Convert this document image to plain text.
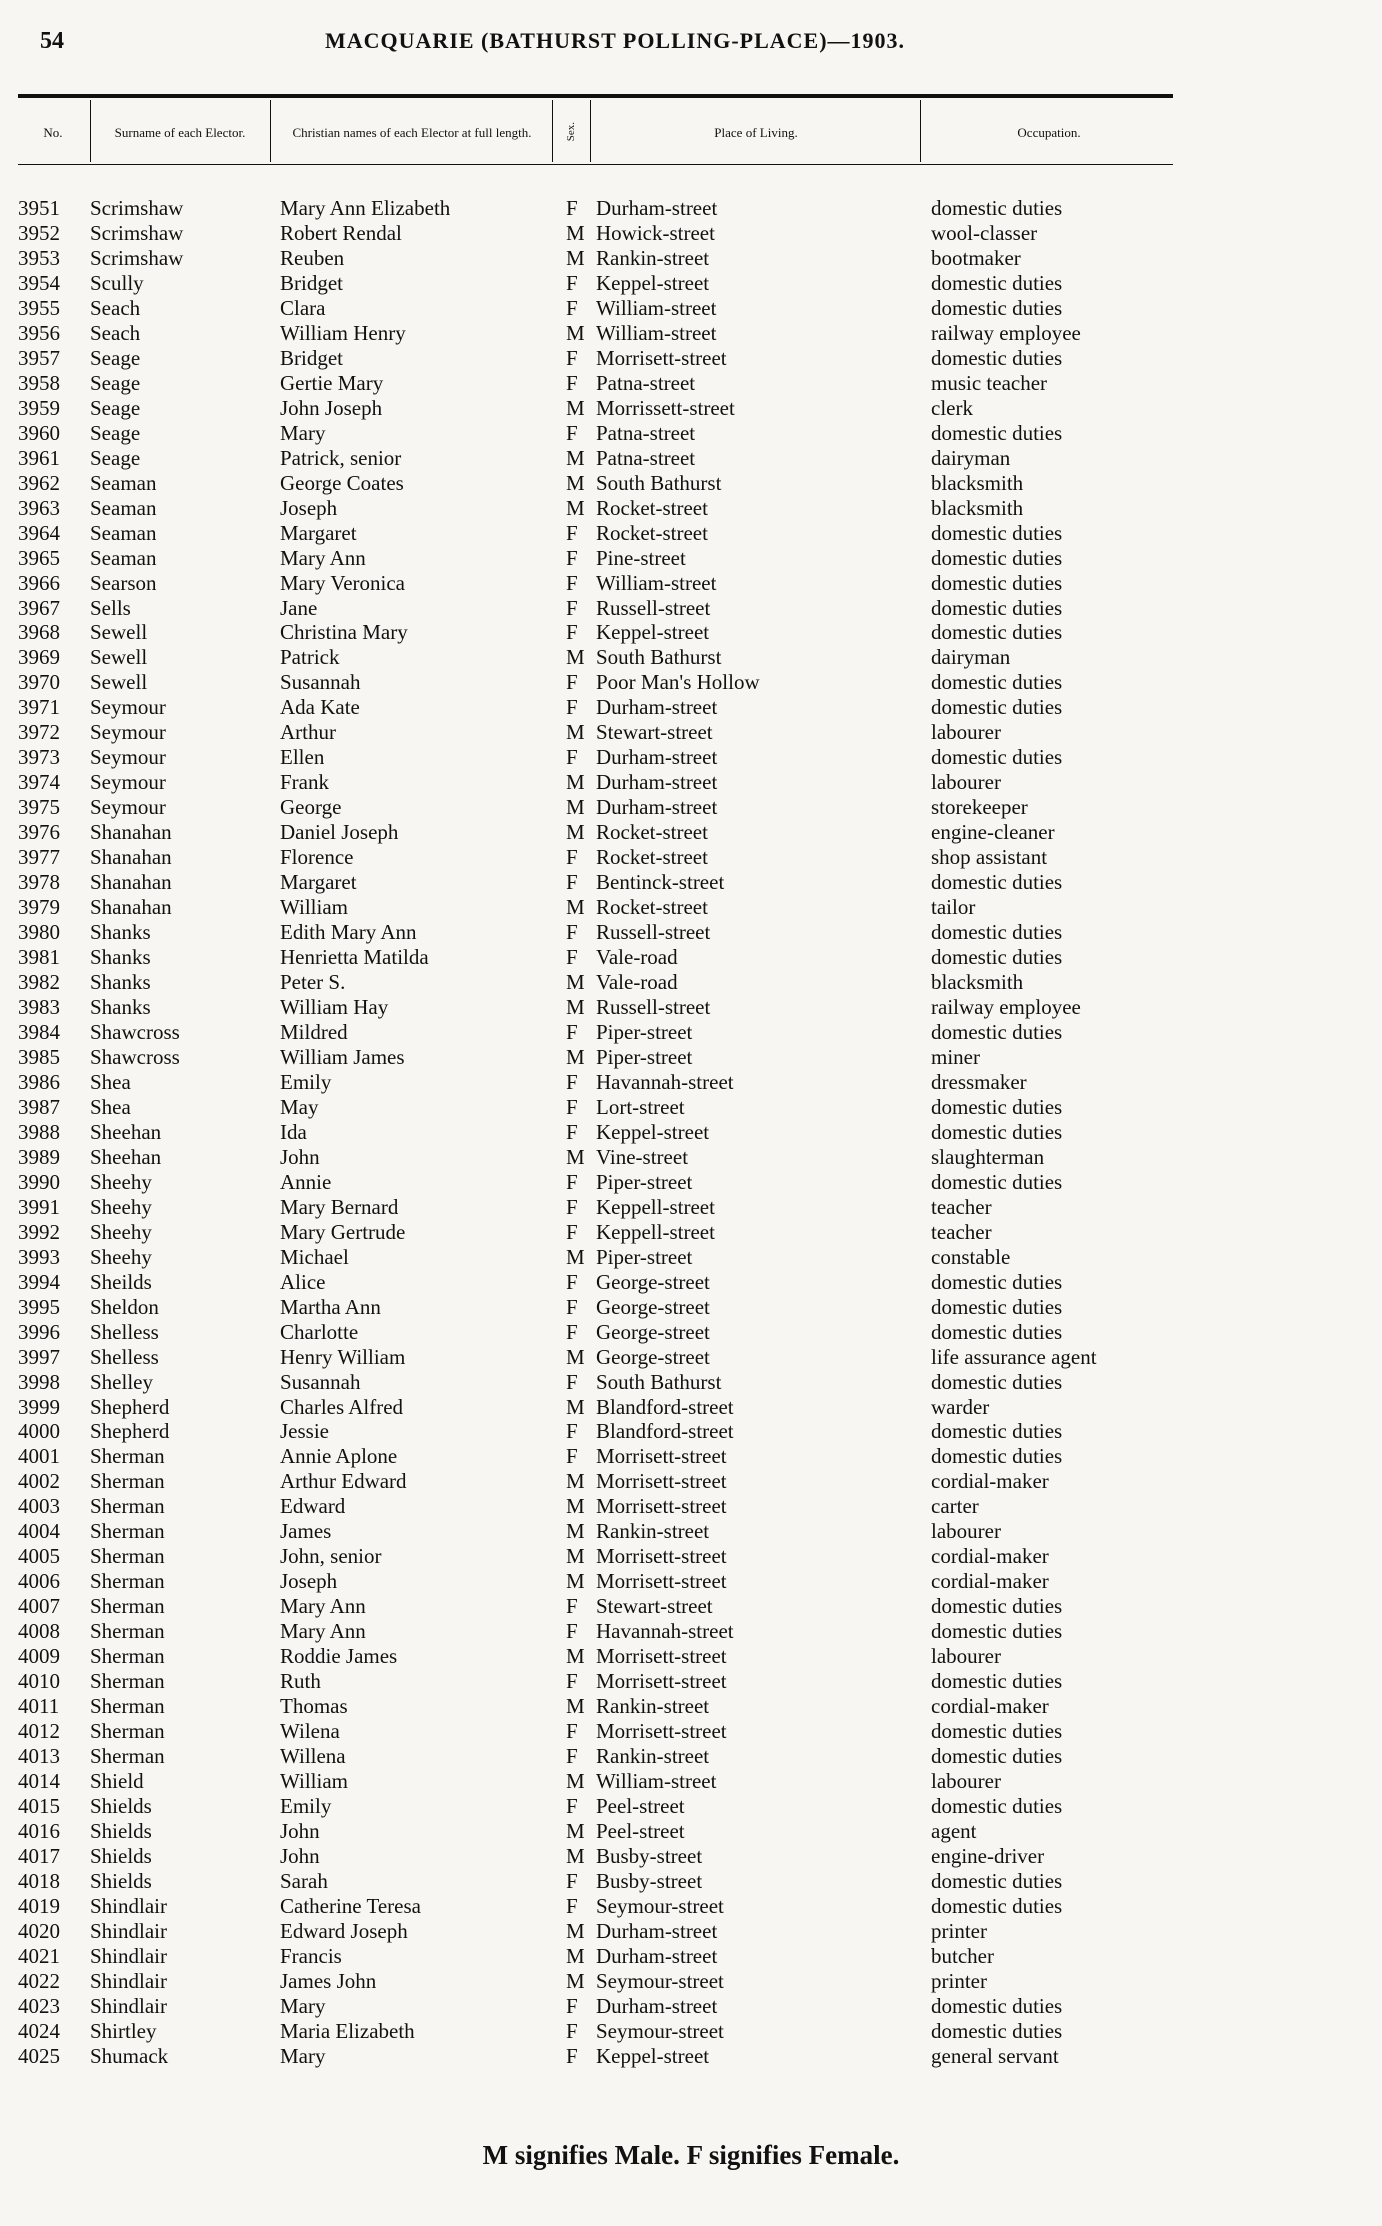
54	MACQUARIE (BATHURST POLLING-PLACE)—1903.
No.	Surname of each Elector.	Christian names of each Elector at full length.	Sex.	Place of Living.	Occupation.
3951	Scrimshaw	Mary Ann Elizabeth	F Durham-street	domestic duties
3952	Scrimshaw	Robert Rendal	M Howick-street	wool-classer
3953	Scrimshaw	Reuben	M Rankin-street	bootmaker
3954	Scully	Bridget	F Keppel-street	domestic duties
3955	Seach	Clara	F William-street	domestic duties
3956	Seach	William Henry	M William-street	railway employee
3957	Seage	Bridget	F Morrisett-street	domestic duties
3958	Seage	Gertie Mary	F Patna-street	music teacher
3959	Seage	John Joseph	M Morrissett-street	clerk
3960	Seage	Mary	F Patna-street	domestic duties
3961	Seage	Patrick, senior	M Patna-street	dairyman
3962	Seaman	George Coates	M South Bathurst	blacksmith
3963	Seaman	Joseph	M Rocket-street	blacksmith
3964	Seaman	Margaret	F Rocket-street	domestic duties
3965	Seaman	Mary Ann	F Pine-street	domestic duties
3966	Searson	Mary Veronica	F William-street	domestic duties
3967	Sells	Jane	F Russell-street	domestic duties
3968	Sewell	Christina Mary	F Keppel-street	domestic duties
3969	Sewell	Patrick	M South Bathurst	dairyman
3970	Sewell	Susannah	F Poor Man's Hollow	domestic duties
3971	Seymour	Ada Kate	F Durham-street	domestic duties
3972	Seymour	Arthur	M Stewart-street	labourer
3973	Seymour	Ellen	F Durham-street	domestic duties
3974	Seymour	Frank	M Durham-street	labourer
3975	Seymour	George	M Durham-street	storekeeper
3976	Shanahan	Daniel Joseph	M Rocket-street	engine-cleaner
3977	Shanahan	Florence	F Rocket-street	shop assistant
3978	Shanahan	Margaret	F Bentinck-street	domestic duties
3979	Shanahan	William	M Rocket-street	tailor
3980	Shanks	Edith Mary Ann	F Russell-street	domestic duties
3981	Shanks	Henrietta Matilda	F Vale-road	domestic duties
3982	Shanks	Peter S.	M Vale-road	blacksmith
3983	Shanks	William Hay	M Russell-street	railway employee
3984	Shawcross	Mildred	F Piper-street	domestic duties
3985	Shawcross	William James	M Piper-street	miner
3986	Shea	Emily	F Havannah-street	dressmaker
3987	Shea	May	F Lort-street	domestic duties
3988	Sheehan	Ida	F Keppel-street	domestic duties
3989	Sheehan	John	M Vine-street	slaughterman
3990	Sheehy	Annie	F Piper-street	domestic duties
3991	Sheehy	Mary Bernard	F Keppell-street	teacher
3992	Sheehy	Mary Gertrude	F Keppell-street	teacher
3993	Sheehy	Michael	M Piper-street	constable
3994	Sheilds	Alice	F George-street	domestic duties
3995	Sheldon	Martha Ann	F George-street	domestic duties
3996	Shelless	Charlotte	F George-street	domestic duties
3997	Shelless	Henry William	M George-street	life assurance agent
3998	Shelley	Susannah	F South Bathurst	domestic duties
3999	Shepherd	Charles Alfred	M Blandford-street	warder
4000	Shepherd	Jessie	F Blandford-street	domestic duties
4001	Sherman	Annie Aplone	F Morrisett-street	domestic duties
4002	Sherman	Arthur Edward	M Morrisett-street	cordial-maker
4003	Sherman	Edward	M Morrisett-street	carter
4004	Sherman	James	M Rankin-street	labourer
4005	Sherman	John, senior	M Morrisett-street	cordial-maker
4006	Sherman	Joseph	M Morrisett-street	cordial-maker
4007	Sherman	Mary Ann	F Stewart-street	domestic duties
4008	Sherman	Mary Ann	F Havannah-street	domestic duties
4009	Sherman	Roddie James	M Morrisett-street	labourer
4010	Sherman	Ruth	F Morrisett-street	domestic duties
4011	Sherman	Thomas	M Rankin-street	cordial-maker
4012	Sherman	Wilena	F Morrisett-street	domestic duties
4013	Sherman	Willena	F Rankin-street	domestic duties
4014	Shield	William	M William-street	labourer
4015	Shields	Emily	F Peel-street	domestic duties
4016	Shields	John	M Peel-street	agent
4017	Shields	John	M Busby-street	engine-driver
4018	Shields	Sarah	F Busby-street	domestic duties
4019	Shindlair	Catherine Teresa	F Seymour-street	domestic duties
4020	Shindlair	Edward Joseph	M Durham-street	printer
4021	Shindlair	Francis	M Durham-street	butcher
4022	Shindlair	James John	M Seymour-street	printer
4023	Shindlair	Mary	F Durham-street	domestic duties
4024	Shirtley	Maria Elizabeth	F Seymour-street	domestic duties
4025	Shumack	Mary	F Keppel-street	general servant
M signifies Male. F signifies Female.
